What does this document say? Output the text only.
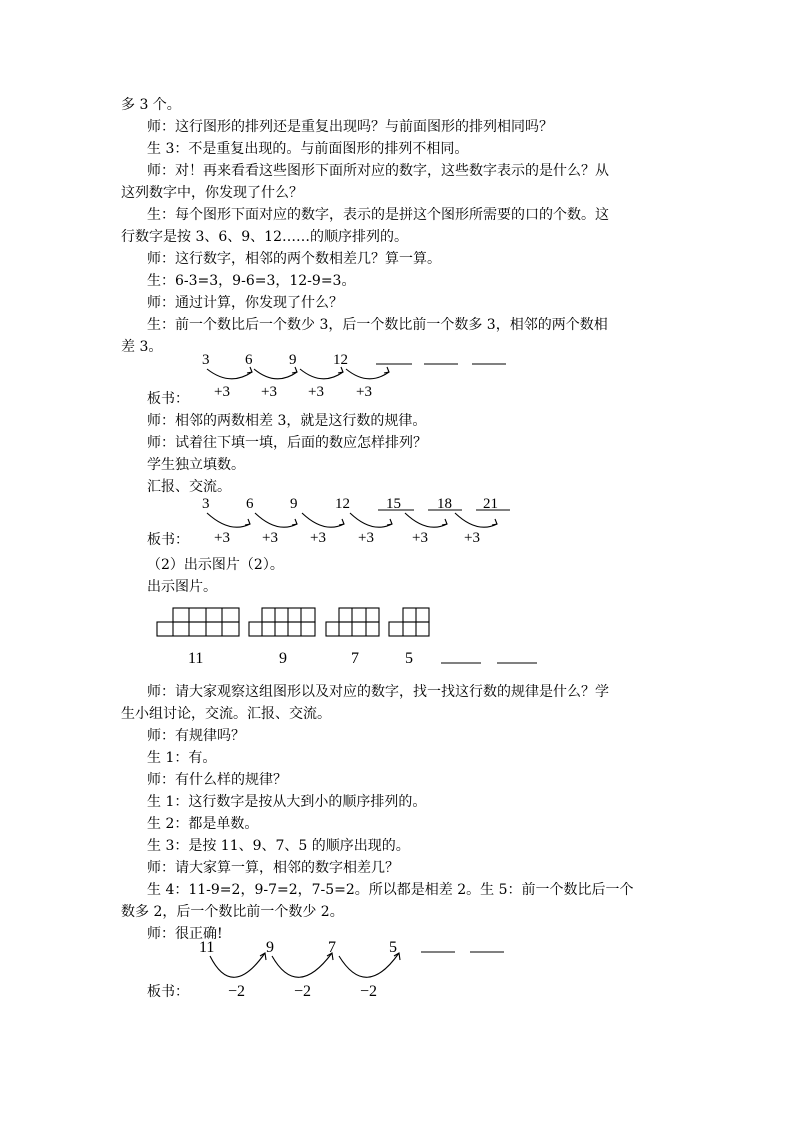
多 3 个。
师：这行图形的排列还是重复出现吗？与前面图形的排列相同吗？
生 3：不是重复出现的。与前面图形的排列不相同。
师：对！再来看看这些图形下面所对应的数字，这些数字表示的是什么？从
这列数字中，你发现了什么？
生：每个图形下面对应的数字，表示的是拼这个图形所需要的口的个数。这
行数字是按 3、6、9、12……的顺序排列的。
师：这行数字，相邻的两个数相差几？算一算。
生：6-3=3，9-6=3，12-9=3。
师：通过计算，你发现了什么？
生：前一个数比后一个数少 3，后一个数比前一个数多 3，相邻的两个数相
差 3。
板书：
师：相邻的两数相差 3，就是这行数的规律。
师：试着往下填一填，后面的数应怎样排列？
学生独立填数。
汇报、交流。
板书：
（2）出示图片（2）。
出示图片。
师：请大家观察这组图形以及对应的数字，找一找这行数的规律是什么？学
生小组讨论，交流。汇报、交流。
师：有规律吗？
生 1：有。
师：有什么样的规律？
生 1：这行数字是按从大到小的顺序排列的。
生 2：都是单数。
生 3：是按 11、9、7、5 的顺序出现的。
师：请大家算一算，相邻的数字相差几？
生 4：11-9=2，9-7=2，7-5=2。所以都是相差 2。生 5：前一个数比后一个
数多 2，后一个数比前一个数少 2。
师：很正确!
板书：
3 6 9 12
+3 +3 +3 +3
3 6 9	12 15 18 21
+3 +3 +3 +3	+3 +3
11	9	7	5
11	9	7	5
−2	−2	−2
